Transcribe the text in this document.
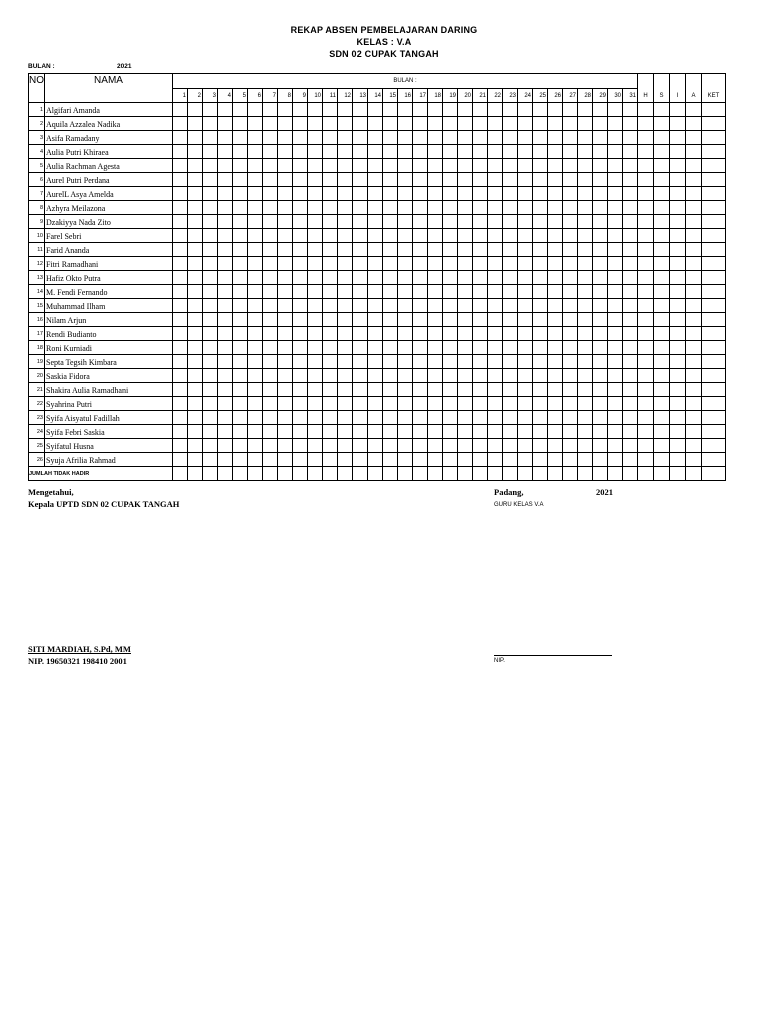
REKAP ABSEN PEMBELAJARAN DARING
KELAS : V.A
SDN 02 CUPAK TANGAH
BULAN :	2021
NO	NAMA	BULAN :																																			
		1	2	3	4	5	6	7	8	9	10	11	12	13	14	15	16	17	18	19	20	21	22	23	24	25	26	27	28	29	30	31	H	S	I	A	KET
1	Algifari Amanda																																				
2	Aquila Azzalea Nadika																																				
3	Asifa Ramadany																																				
4	Aulia Putri Khiraea																																				
5	Aulia Rachman Agesta																																				
6	Aurel Putri Perdana																																				
7	AurelL Asya Amelda																																				
8	Azhyra Meilazona																																				
9	Dzakiyya Nada Zito																																				
10	Farel Sebri																																				
11	Farid Ananda																																				
12	Fitri Ramadhani																																				
13	Hafiz Okto Putra																																				
14	M. Fendi Fernando																																				
15	Muhammad Ilham																																				
16	Nilam Arjun																																				
17	Rendi Budianto																																				
18	Roni Kurniadi																																				
19	Septa Tegsih Kimbara																																				
20	Saskia Fidora																																				
21	Shakira Aulia Ramadhani																																				
22	Syahrina Putri																																				
23	Syifa Aisyatul Fadillah																																				
24	Syifa Febri Saskia																																				
25	Syifatul Husna																																				
26	Syuja Afrilia Rahmad																																				
JUMLAH TIDAK HADIR																																					
Mengetahui,
Kepala UPTD SDN 02 CUPAK TANGAH
Padang,	2021
GURU KELAS V.A
SITI MARDIAH, S.Pd, MM
NIP. 19650321 198410 2001	NIP.
